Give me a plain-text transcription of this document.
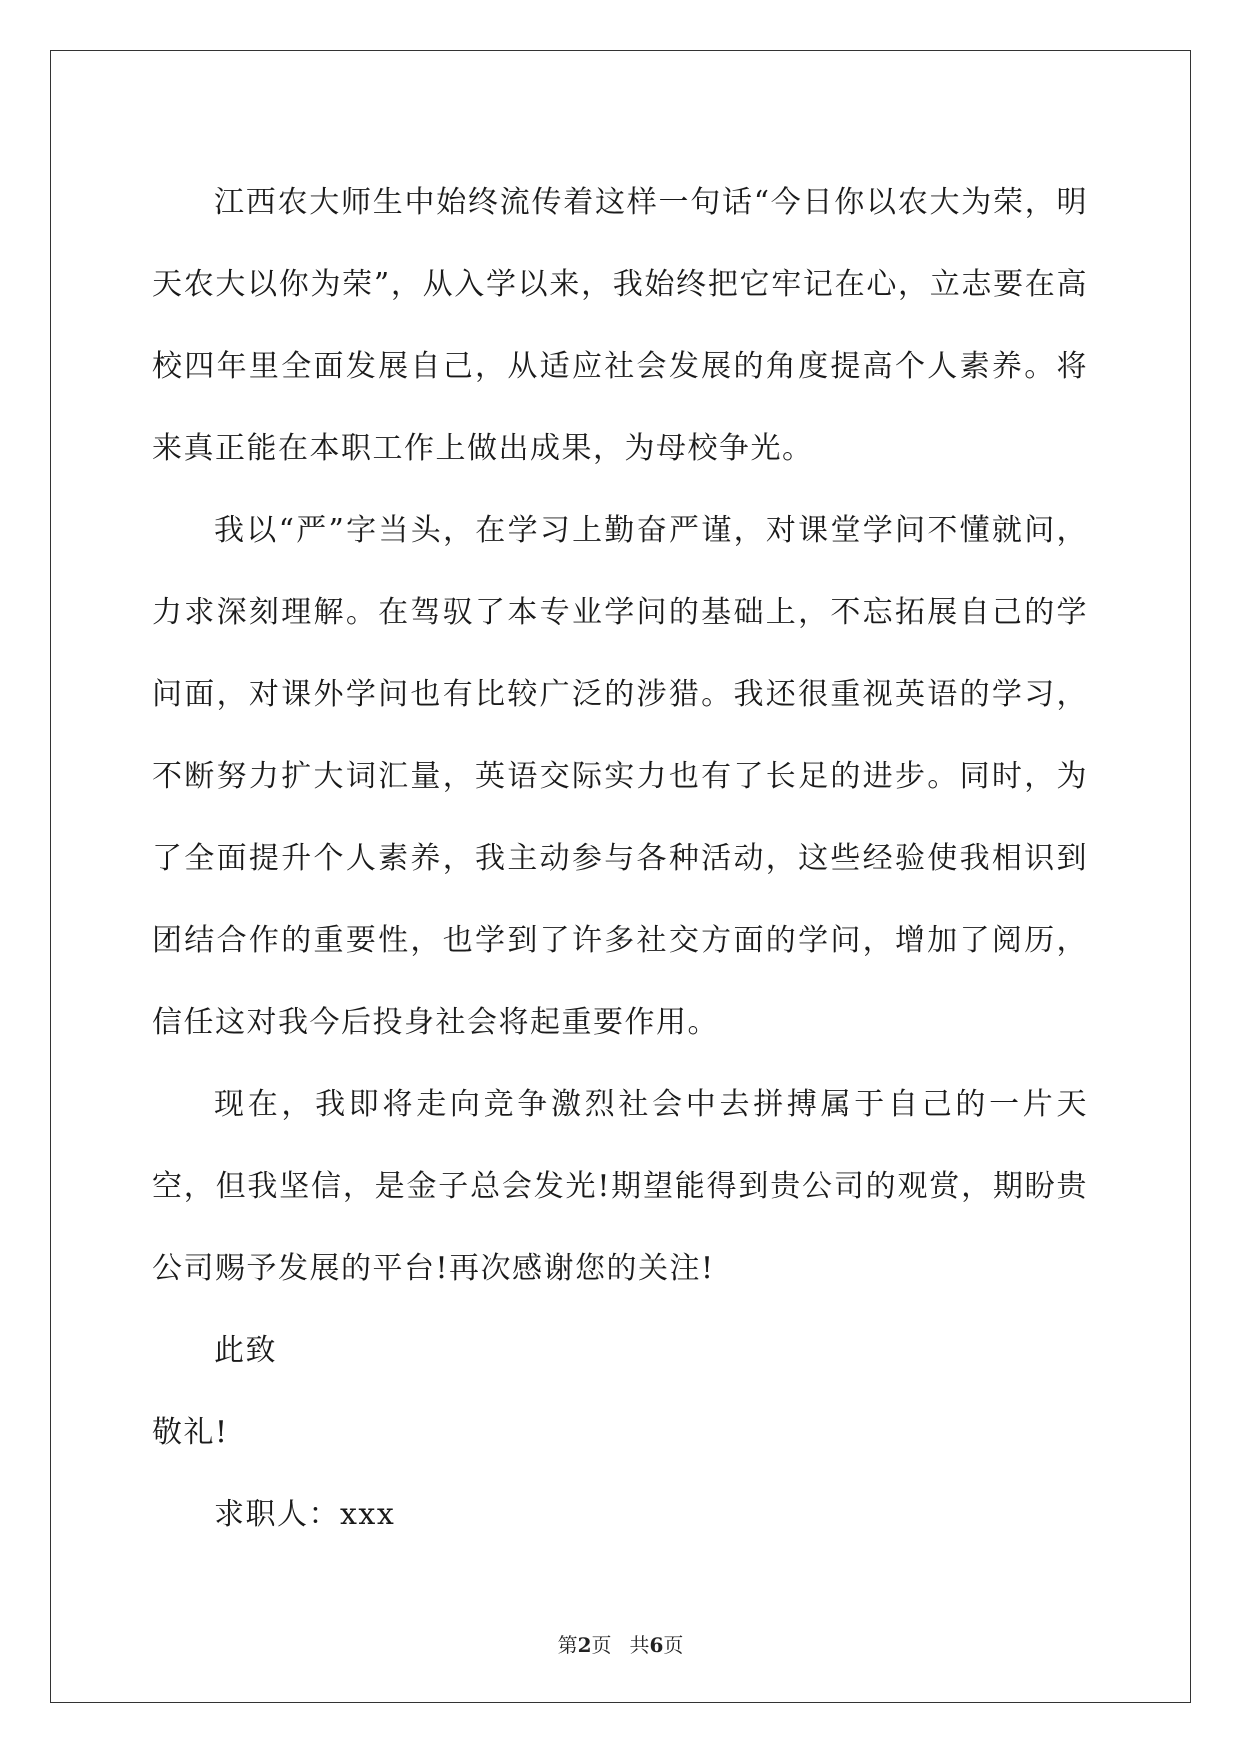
江西农大师生中始终流传着这样一句话“今日你以农大为荣，明天农大以你为荣”，从入学以来，我始终把它牢记在心，立志要在高校四年里全面发展自己，从适应社会发展的角度提高个人素养。将来真正能在本职工作上做出成果，为母校争光。

我以“严”字当头，在学习上勤奋严谨，对课堂学问不懂就问，力求深刻理解。在驾驭了本专业学问的基础上，不忘拓展自己的学问面，对课外学问也有比较广泛的涉猎。我还很重视英语的学习，不断努力扩大词汇量，英语交际实力也有了长足的进步。同时，为了全面提升个人素养，我主动参与各种活动，这些经验使我相识到团结合作的重要性，也学到了许多社交方面的学问，增加了阅历，信任这对我今后投身社会将起重要作用。

现在，我即将走向竞争激烈社会中去拼搏属于自己的一片天空，但我坚信，是金子总会发光!期望能得到贵公司的观赏，期盼贵公司赐予发展的平台!再次感谢您的关注!

此致

敬礼!

求职人：xxx

第2页 共6页
